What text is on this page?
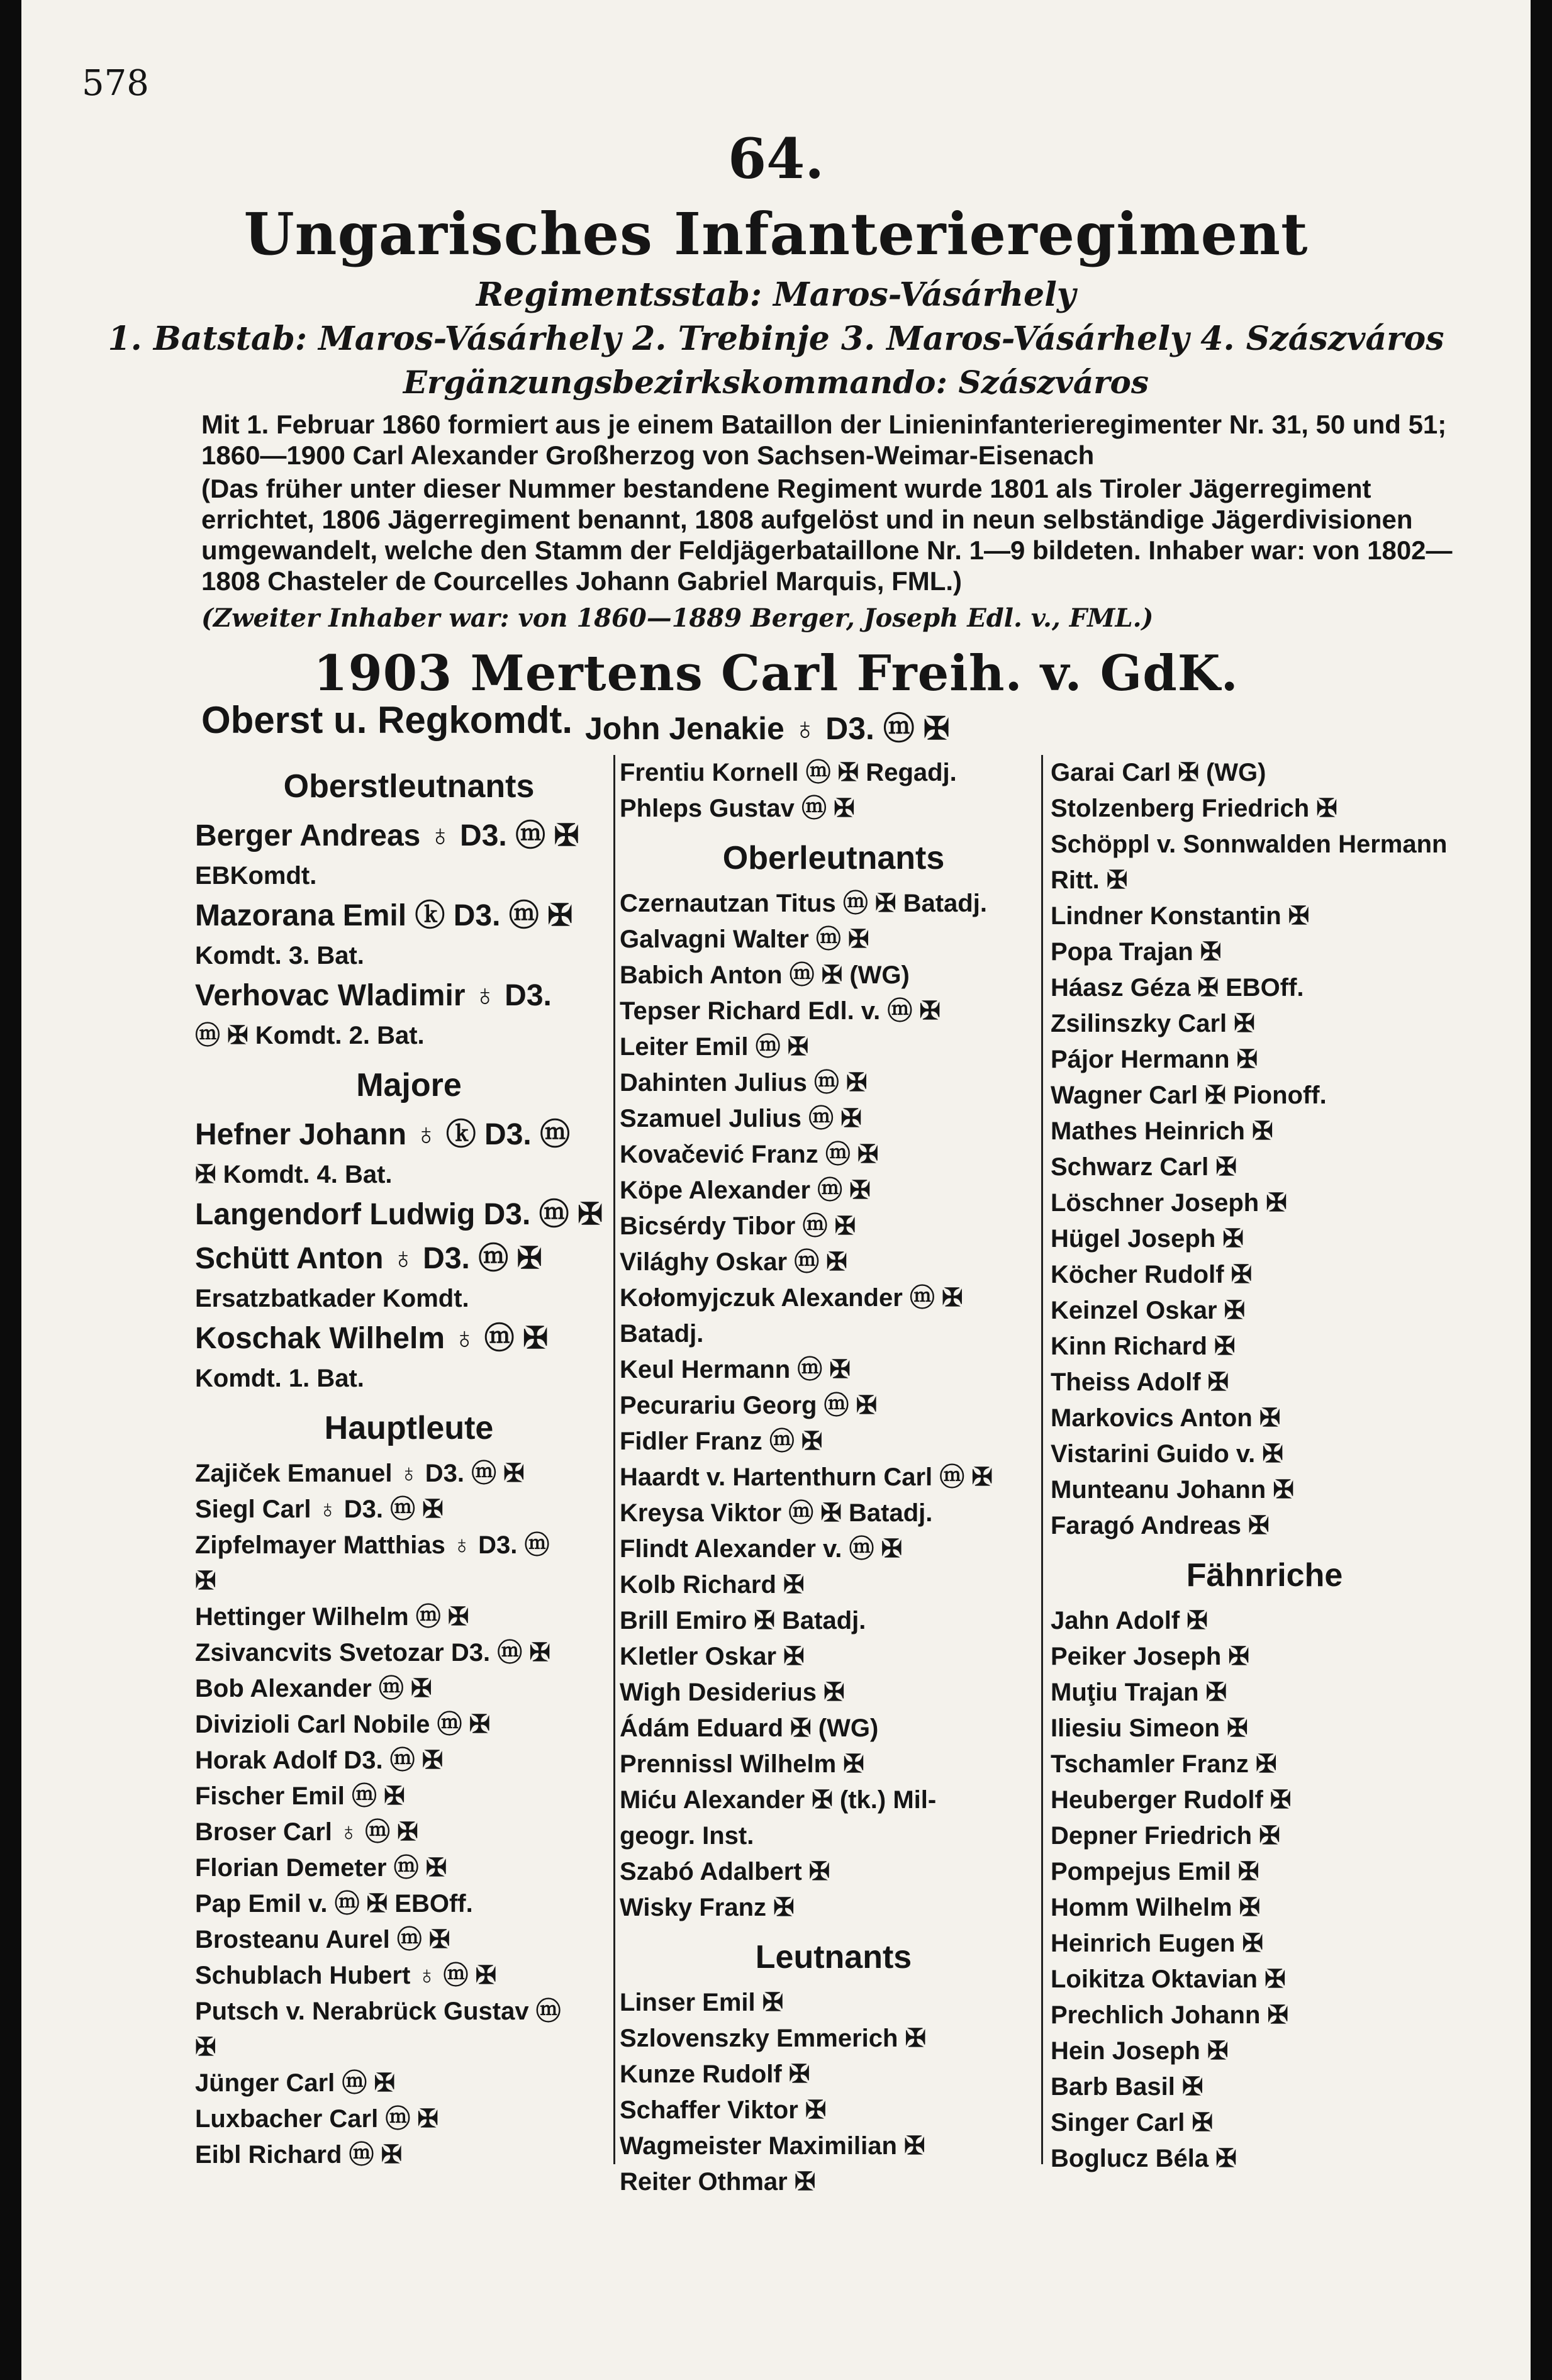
578
64.
Ungarisches Infanterieregiment
Regimentsstab: Maros-Vásárhely
1. Batstab: Maros-Vásárhely 2. Trebinje 3. Maros-Vásárhely 4. Szászváros
Ergänzungsbezirkskommando: Szászváros

Mit 1. Februar 1860 formiert aus je einem Bataillon der Linieninfanterieregimenter Nr. 31, 50 und 51; 1860—1900 Carl Alexander Großherzog von Sachsen-Weimar-Eisenach

(Das früher unter dieser Nummer bestandene Regiment wurde 1801 als Tiroler Jägerregiment errichtet, 1806 Jägerregiment benannt, 1808 aufgelöst und in neun selbständige Jägerdivisionen umgewandelt, welche den Stamm der Feldjägerbataillone Nr. 1—9 bildeten. Inhaber war: von 1802—1808 Chasteler de Courcelles Johann Gabriel Marquis, FML.)

(Zweiter Inhaber war: von 1860—1889 Berger, Joseph Edl. v., FML.)

1903 Mertens Carl Freih. v. GdK.
Oberst u. Regkomdt. John Jenakie ♁ D3. ⓜ ✠
Oberstleutnants

Berger Andreas ♁ D3. ⓜ ✠

EBKomdt.

Mazorana Emil ⓚ D3. ⓜ ✠

Komdt. 3. Bat.

Verhovac Wladimir ♁ D3.

ⓜ ✠ Komdt. 2. Bat.

Majore

Hefner Johann ♁ ⓚ D3. ⓜ

✠ Komdt. 4. Bat.

Langendorf Ludwig D3. ⓜ ✠

Schütt Anton ♁ D3. ⓜ ✠

Ersatzbatkader Komdt.

Koschak Wilhelm ♁ ⓜ ✠

Komdt. 1. Bat.

Hauptleute

Zajiček Emanuel ♁ D3. ⓜ ✠

Siegl Carl ♁ D3. ⓜ ✠

Zipfelmayer Matthias ♁ D3. ⓜ

✠

Hettinger Wilhelm ⓜ ✠

Zsivancvits Svetozar D3. ⓜ ✠

Bob Alexander ⓜ ✠

Divizioli Carl Nobile ⓜ ✠

Horak Adolf D3. ⓜ ✠

Fischer Emil ⓜ ✠

Broser Carl ♁ ⓜ ✠

Florian Demeter ⓜ ✠

Pap Emil v. ⓜ ✠ EBOff.

Brosteanu Aurel ⓜ ✠

Schublach Hubert ♁ ⓜ ✠

Putsch v. Nerabrück Gustav ⓜ

✠

Jünger Carl ⓜ ✠

Luxbacher Carl ⓜ ✠

Eibl Richard ⓜ ✠

Frentiu Kornell ⓜ ✠ Regadj.

Phleps Gustav ⓜ ✠

Oberleutnants

Czernautzan Titus ⓜ ✠ Batadj.

Galvagni Walter ⓜ ✠

Babich Anton ⓜ ✠ (WG)

Tepser Richard Edl. v. ⓜ ✠

Leiter Emil ⓜ ✠

Dahinten Julius ⓜ ✠

Szamuel Julius ⓜ ✠

Kovačević Franz ⓜ ✠

Köpe Alexander ⓜ ✠

Bicsérdy Tibor ⓜ ✠

Világhy Oskar ⓜ ✠

Kołomyjczuk Alexander ⓜ ✠

Batadj.

Keul Hermann ⓜ ✠

Pecurariu Georg ⓜ ✠

Fidler Franz ⓜ ✠

Haardt v. Hartenthurn Carl ⓜ ✠

Kreysa Viktor ⓜ ✠ Batadj.

Flindt Alexander v. ⓜ ✠

Kolb Richard ✠

Brill Emiro ✠ Batadj.

Kletler Oskar ✠

Wigh Desiderius ✠

Ádám Eduard ✠ (WG)

Prennissl Wilhelm ✠

Miću Alexander ✠ (tk.) Mil-

geogr. Inst.

Szabó Adalbert ✠

Wisky Franz ✠

Leutnants

Linser Emil ✠

Szlovenszky Emmerich ✠

Kunze Rudolf ✠

Schaffer Viktor ✠

Wagmeister Maximilian ✠

Reiter Othmar ✠

Garai Carl ✠ (WG)

Stolzenberg Friedrich ✠

Schöppl v. Sonnwalden Hermann

Ritt. ✠

Lindner Konstantin ✠

Popa Trajan ✠

Háasz Géza ✠ EBOff.

Zsilinszky Carl ✠

Pájor Hermann ✠

Wagner Carl ✠ Pionoff.

Mathes Heinrich ✠

Schwarz Carl ✠

Löschner Joseph ✠

Hügel Joseph ✠

Köcher Rudolf ✠

Keinzel Oskar ✠

Kinn Richard ✠

Theiss Adolf ✠

Markovics Anton ✠

Vistarini Guido v. ✠

Munteanu Johann ✠

Faragó Andreas ✠

Fähnriche

Jahn Adolf ✠

Peiker Joseph ✠

Muţiu Trajan ✠

Iliesiu Simeon ✠

Tschamler Franz ✠

Heuberger Rudolf ✠

Depner Friedrich ✠

Pompejus Emil ✠

Homm Wilhelm ✠

Heinrich Eugen ✠

Loikitza Oktavian ✠

Prechlich Johann ✠

Hein Joseph ✠

Barb Basil ✠

Singer Carl ✠

Boglucz Béla ✠
